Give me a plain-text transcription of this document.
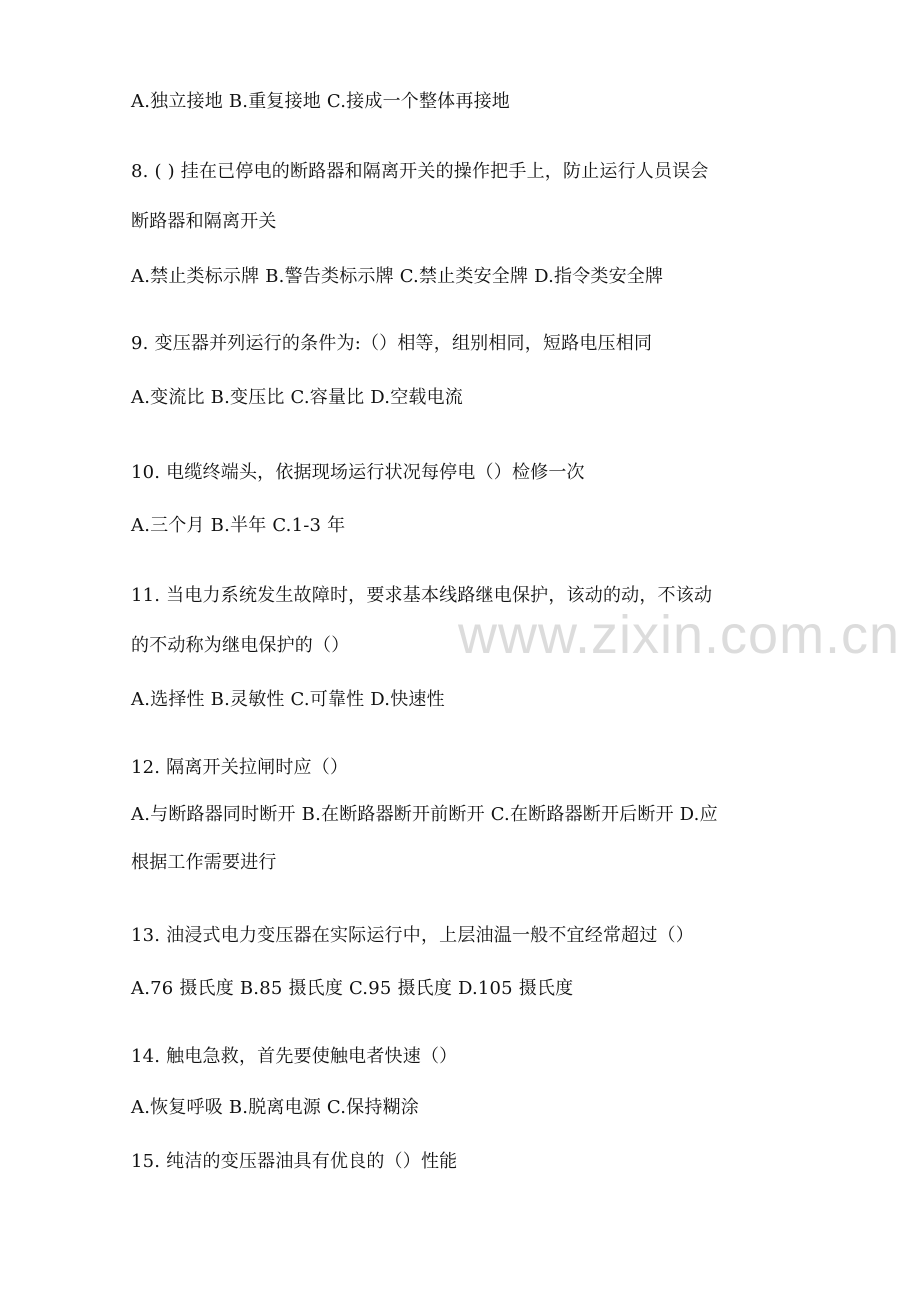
A.独立接地 B.重复接地 C.接成一个整体再接地
8. ( ) 挂在已停电的断路器和隔离开关的操作把手上，防止运行人员误会
断路器和隔离开关
A.禁止类标示牌 B.警告类标示牌 C.禁止类安全牌 D.指令类安全牌
9. 变压器并列运行的条件为:（）相等，组别相同，短路电压相同
A.变流比 B.变压比 C.容量比 D.空载电流
10. 电缆终端头，依据现场运行状况每停电（）检修一次
A.三个月 B.半年 C.1-3 年
11. 当电力系统发生故障时，要求基本线路继电保护，该动的动，不该动
的不动称为继电保护的（）
A.选择性 B.灵敏性 C.可靠性 D.快速性
12. 隔离开关拉闸时应（）
A.与断路器同时断开 B.在断路器断开前断开 C.在断路器断开后断开 D.应
根据工作需要进行
13. 油浸式电力变压器在实际运行中，上层油温一般不宜经常超过（）
A.76 摄氏度 B.85 摄氏度 C.95 摄氏度 D.105 摄氏度
14. 触电急救，首先要使触电者快速（）
A.恢复呼吸 B.脱离电源 C.保持糊涂
15. 纯洁的变压器油具有优良的（）性能
www.zixin.com.cn
